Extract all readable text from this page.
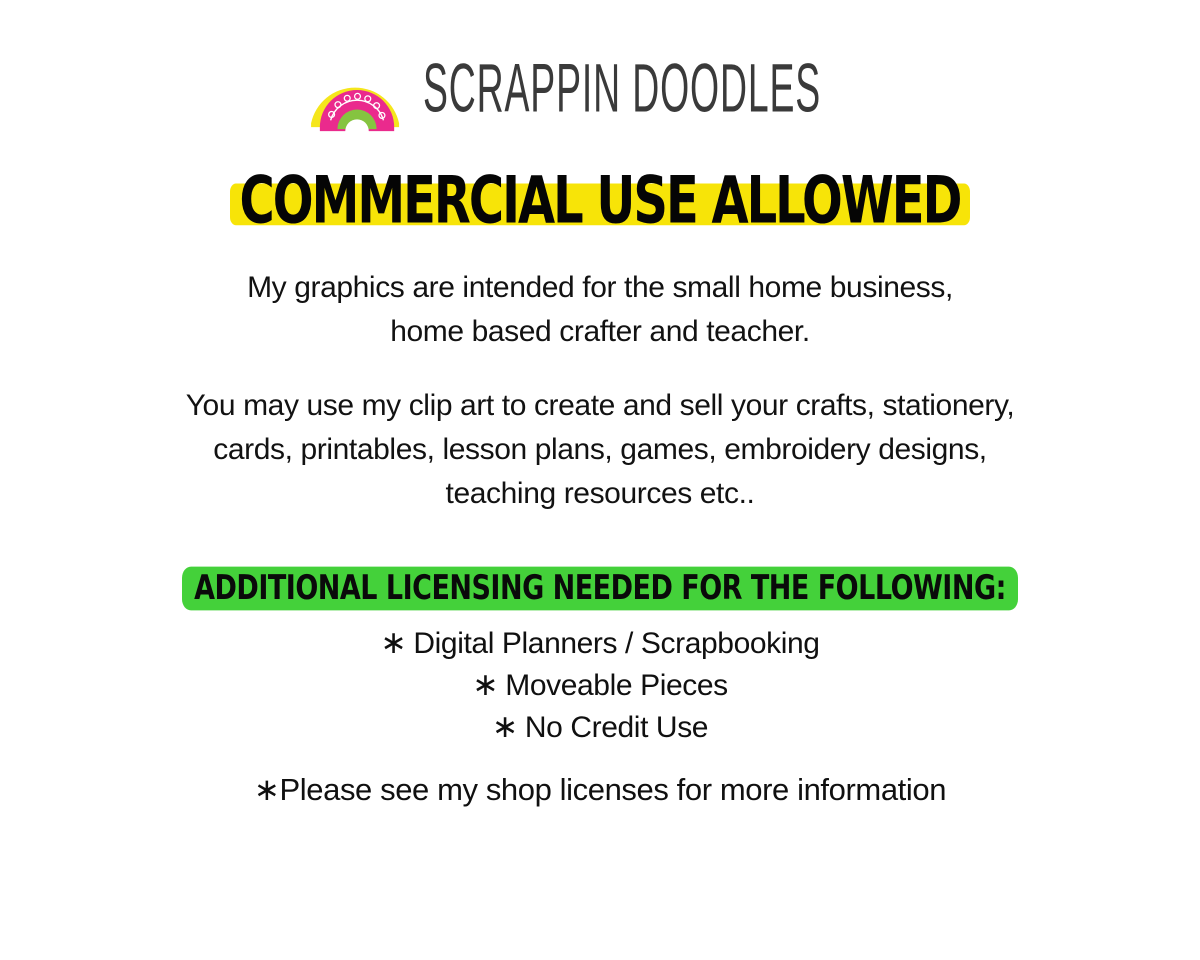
SCRAPPIN DOODLES
COMMERCIAL USE ALLOWED
My graphics are intended for the small home business,
home based crafter and teacher.
You may use my clip art to create and sell your crafts, stationery,
cards, printables, lesson plans, games, embroidery designs,
teaching resources etc..
ADDITIONAL LICENSING NEEDED FOR THE FOLLOWING:
∗ Digital Planners / Scrapbooking
∗ Moveable Pieces
∗ No Credit Use
∗Please see my shop licenses for more information
